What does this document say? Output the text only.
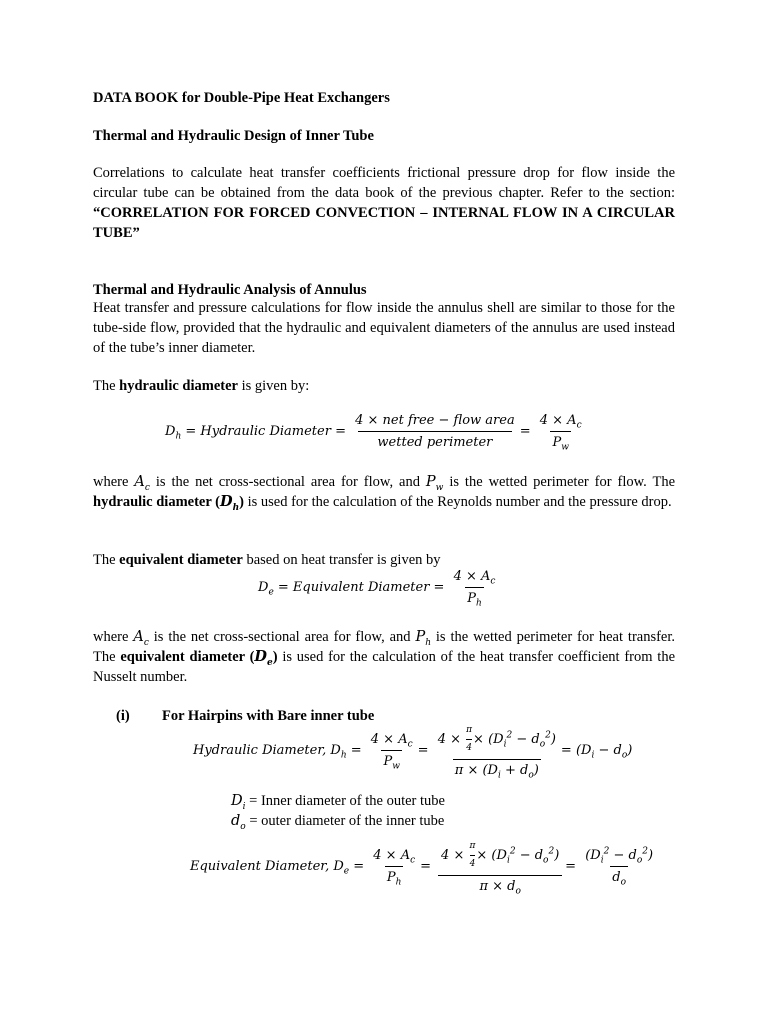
DATA BOOK for Double-Pipe Heat Exchangers
Thermal and Hydraulic Design of Inner Tube
Correlations to calculate heat transfer coefficients frictional pressure drop for flow inside the circular tube can be obtained from the data book of the previous chapter. Refer to the section: “CORRELATION FOR FORCED CONVECTION – INTERNAL FLOW IN A CIRCULAR TUBE”
Thermal and Hydraulic Analysis of Annulus
Heat transfer and pressure calculations for flow inside the annulus shell are similar to those for the tube-side flow, provided that the hydraulic and equivalent diameters of the annulus are used instead of the tube’s inner diameter.
The hydraulic diameter is given by:
$D_h$ = Hydraulic Diameter = $\frac{\text{4 × net free − flow area}}{\text{wetted perimeter}} = \frac{4 \times A_c}{P_w}$
where $A_c$ is the net cross-sectional area for flow, and $P_w$ is the wetted perimeter for flow. The hydraulic diameter $(D_h)$ is used for the calculation of the Reynolds number and the pressure drop.
The equivalent diameter based on heat transfer is given by
$D_e$ = Equivalent Diameter = $\frac{4 \times A_c}{P_h}$
where $A_c$ is the net cross-sectional area for flow, and $P_h$ is the wetted perimeter for heat transfer. The equivalent diameter $(D_e)$ is used for the calculation of the heat transfer coefficient from the Nusselt number.
(i) For Hairpins with Bare inner tube
Hydraulic Diameter, $D_h = \frac{4 \times A_c}{P_w} = \frac{4 \times \frac{\pi}{4} \times (D_i^2 - d_o^2)}{\pi \times (D_i + d_o)} = (D_i - d_o)$
$D_i$ = Inner diameter of the outer tube
$d_o$ = outer diameter of the inner tube
Equivalent Diameter, $D_e = \frac{4 \times A_c}{P_h} = \frac{4 \times \frac{\pi}{4} \times (D_i^2 - d_o^2)}{\pi \times d_o} = \frac{(D_i^2 - d_o^2)}{d_o}$
